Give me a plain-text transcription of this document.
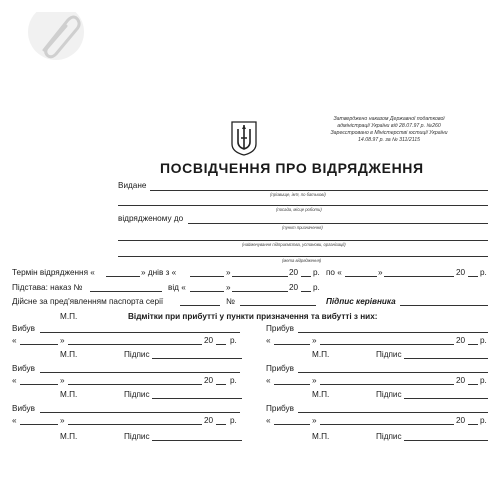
Затверджено наказом Державної податкової
адміністрації України від 28.07.97 р. №260
Зареєстровано в Міністерстві юстиції України
14.08.97 р. за № 311/2115
ПОСВІДЧЕННЯ ПРО ВІДРЯДЖЕННЯ
Видане
(прізвище, ім'я, по батькові)
(посада, місце роботи)
відрядженому до
(пункт призначення)
(найменування підприємства, установи, організації)
(мета відрядження)
Термін відрядження «	» днів з «	»	20 р. по «	»	20 р.
Підстава: наказ №	від «	»	20 р.
Дійсне за пред'явленням паспорта серії	№	Підпис керівника
М.П.	Відмітки при прибутті у пункти призначення та вибутті з них:
Вибув
«	»	20 р.
М.П.	Підпис
Вибув
«	»	20 р.
М.П.	Підпис
Вибув
«	»	20 р.
М.П.	Підпис
Прибув
«	»	20 р.
М.П.	Підпис
Прибув
«	»	20 р.
М.П.	Підпис
Прибув
«	»	20 р.
М.П.	Підпис
